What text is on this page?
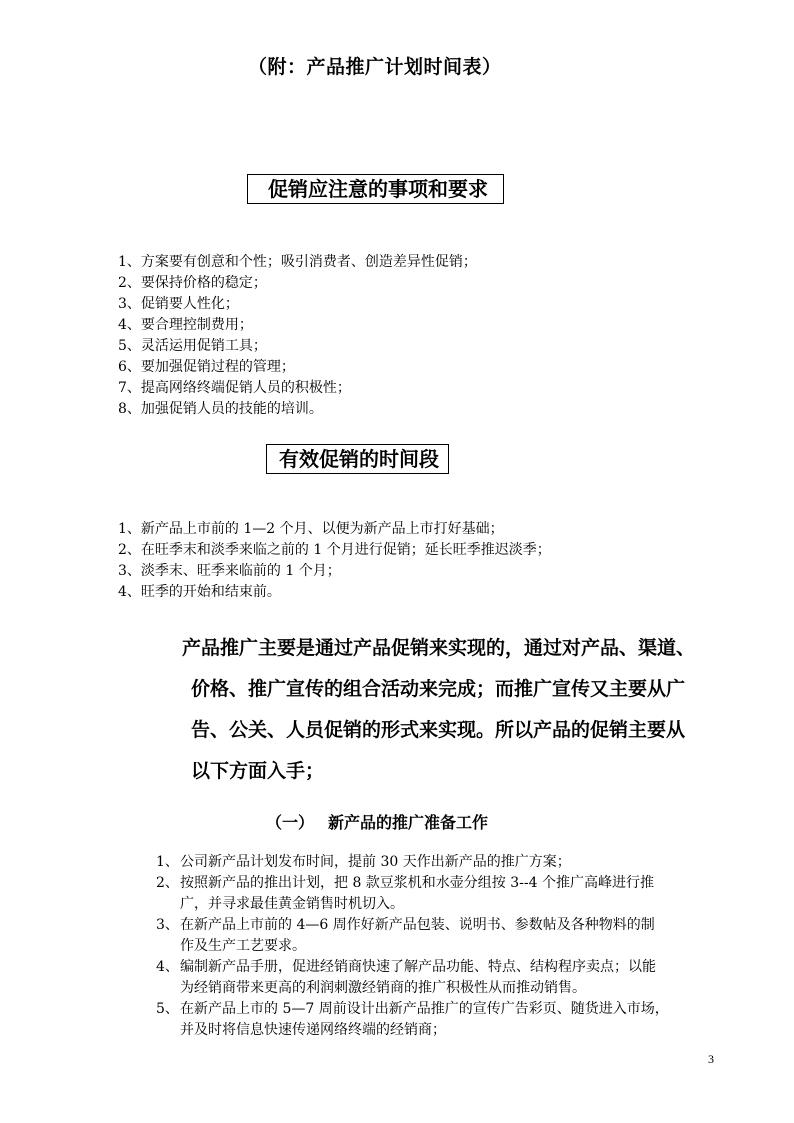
（附：产品推广计划时间表）
促销应注意的事项和要求
1、方案要有创意和个性；吸引消费者、创造差异性促销；
2、要保持价格的稳定；
3、促销要人性化；
4、要合理控制费用；
5、灵活运用促销工具；
6、要加强促销过程的管理；
7、提高网络终端促销人员的积极性；
8、加强促销人员的技能的培训。
有效促销的时间段
1、新产品上市前的 1—2 个月、以便为新产品上市打好基础；
2、在旺季末和淡季来临之前的 1 个月进行促销；延长旺季推迟淡季；
3、淡季末、旺季来临前的 1 个月；
4、旺季的开始和结束前。
产品推广主要是通过产品促销来实现的，通过对产品、渠道、
价格、推广宣传的组合活动来完成；而推广宣传又主要从广
告、公关、人员促销的形式来实现。所以产品的促销主要从
以下方面入手；
（一） 新产品的推广准备工作
1、 公司新产品计划发布时间，提前 30 天作出新产品的推广方案；
2、 按照新产品的推出计划，把 8 款豆浆机和水壶分组按 3--4 个推广高峰进行推
广，并寻求最佳黄金销售时机切入。
3、 在新产品上市前的 4—6 周作好新产品包装、说明书、参数帖及各种物料的制
作及生产工艺要求。
4、 编制新产品手册，促进经销商快速了解产品功能、特点、结构程序卖点；以能
为经销商带来更高的利润刺激经销商的推广积极性从而推动销售。
5、 在新产品上市的 5—7 周前设计出新产品推广的宣传广告彩页、随货进入市场，
并及时将信息快速传递网络终端的经销商；
3
